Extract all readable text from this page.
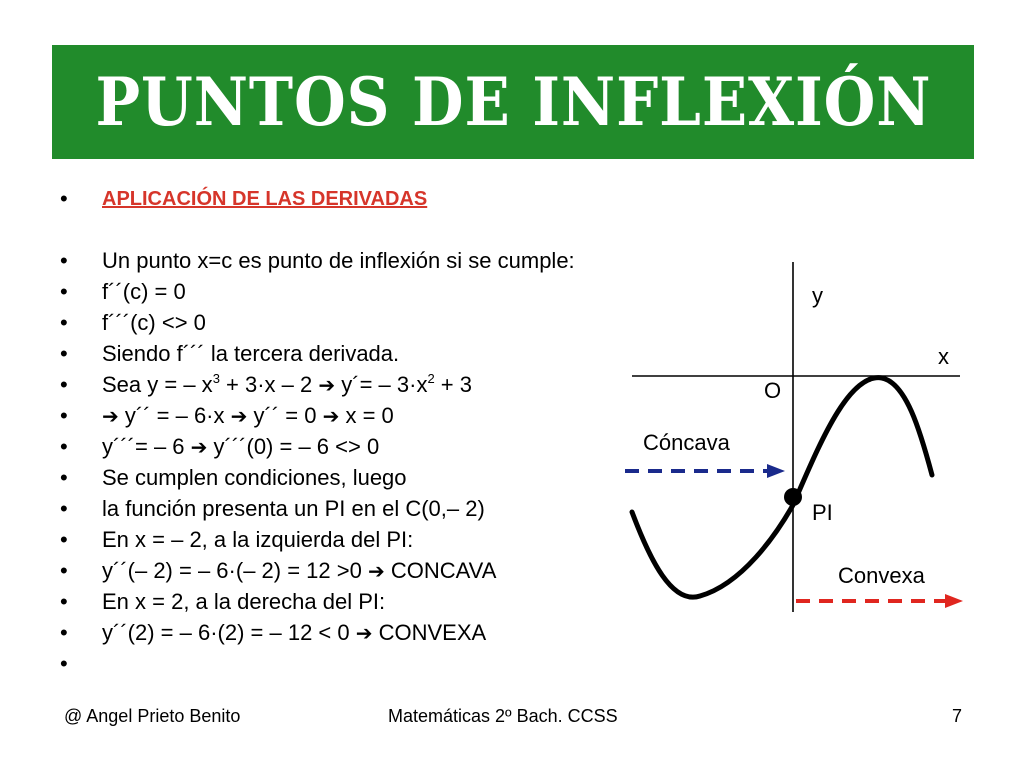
PUNTOS DE INFLEXIÓN
• APLICACIÓN DE LAS DERIVADAS
• Un punto x=c es punto de inflexión si se cumple:
• f´´(c) = 0
• f´´´(c) <> 0
• Siendo f´´´ la tercera derivada.
• Sea y = – $x^3 + 3\cdot x - 2$ ➔ y´= – $3\cdot x^2 + 3$
• ➔ y´´ = – 6·x ➔ y´´ = 0 ➔ x = 0
• y´´´= – 6 ➔ y´´´(0) = – 6 <> 0
• Se cumplen condiciones, luego
• la función presenta un PI en el C(0,– 2)
• En x = – 2, a la izquierda del PI:
• y´´(– 2) = – 6·(– 2) = 12 >0 ➔ CONCAVA
• En x = 2, a la derecha del PI:
• y´´(2) = – 6·(2) = – 12 < 0 ➔ CONVEXA
•
y
x
O
Cóncava
PI
Convexa
@ Angel Prieto Benito	Matemáticas 2º Bach. CCSS	7
